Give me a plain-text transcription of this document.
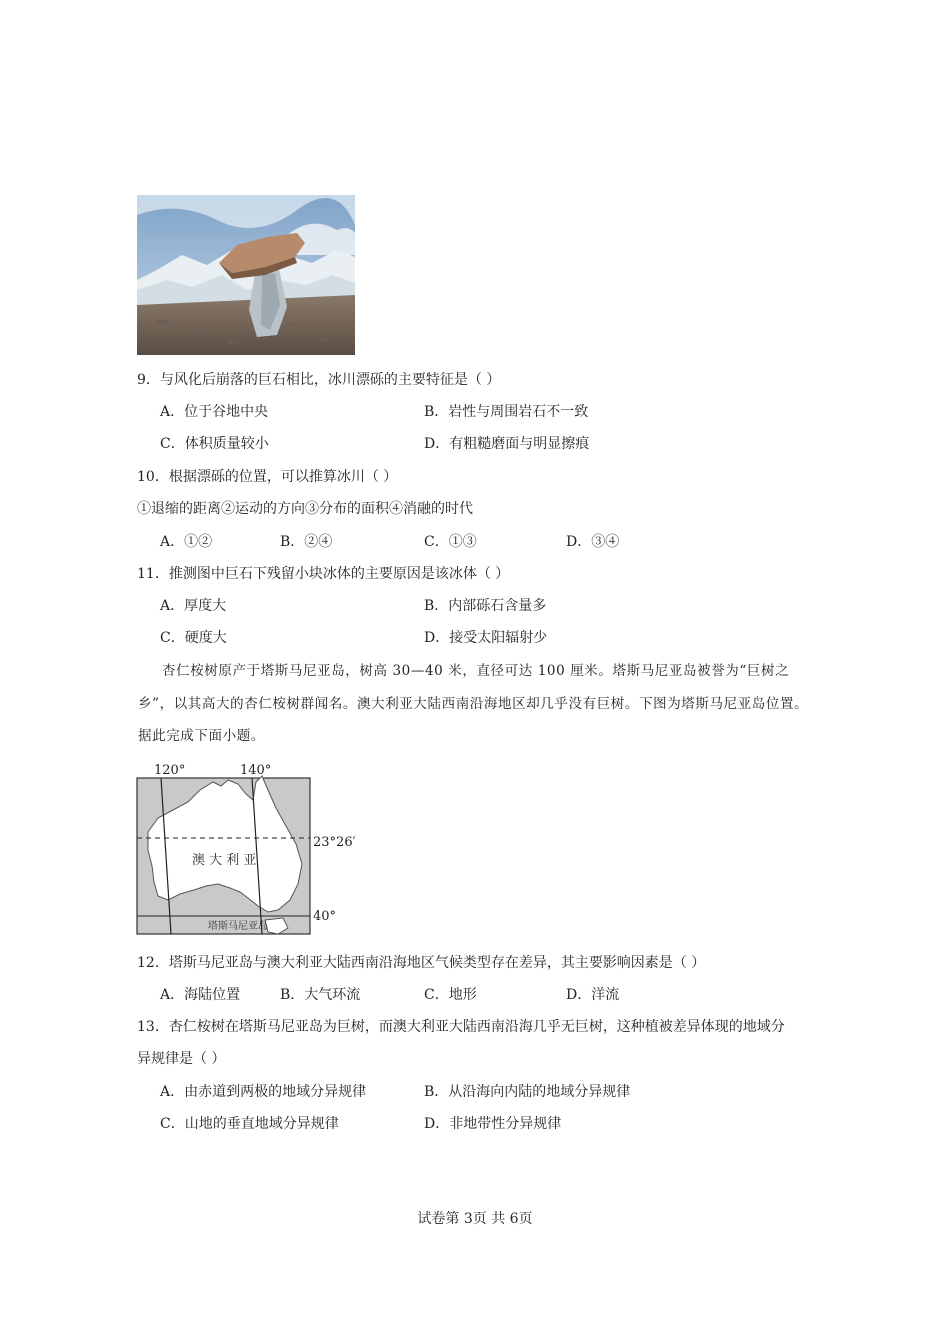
9．与风化后崩落的巨石相比，冰川漂砾的主要特征是（ ）
A．位于谷地中央	B．岩性与周围岩石不一致
C．体积质量较小	D．有粗糙磨面与明显擦痕
10．根据漂砾的位置，可以推算冰川（ ）
①退缩的距离②运动的方向③分布的面积④消融的时代
A．①②	B．②④	C．①③	D．③④
11．推测图中巨石下残留小块冰体的主要原因是该冰体（ ）
A．厚度大	B．内部砾石含量多
C．硬度大	D．接受太阳辐射少
杏仁桉树原产于塔斯马尼亚岛，树高 30—40 米，直径可达 100 厘米。塔斯马尼亚岛被誉为“巨树之
乡”，以其高大的杏仁桉树群闻名。澳大利亚大陆西南沿海地区却几乎没有巨树。下图为塔斯马尼亚岛位置。
据此完成下面小题。
120°	140°
23°26′
40°
澳 大 利 亚
塔斯马尼亚岛
12．塔斯马尼亚岛与澳大利亚大陆西南沿海地区气候类型存在差异，其主要影响因素是（ ）
A．海陆位置	B．大气环流	C．地形	D．洋流
13．杏仁桉树在塔斯马尼亚岛为巨树，而澳大利亚大陆西南沿海几乎无巨树，这种植被差异体现的地域分
异规律是（ ）
A．由赤道到两极的地域分异规律	B．从沿海向内陆的地域分异规律
C．山地的垂直地域分异规律	D．非地带性分异规律
试卷第 3页 共 6页
